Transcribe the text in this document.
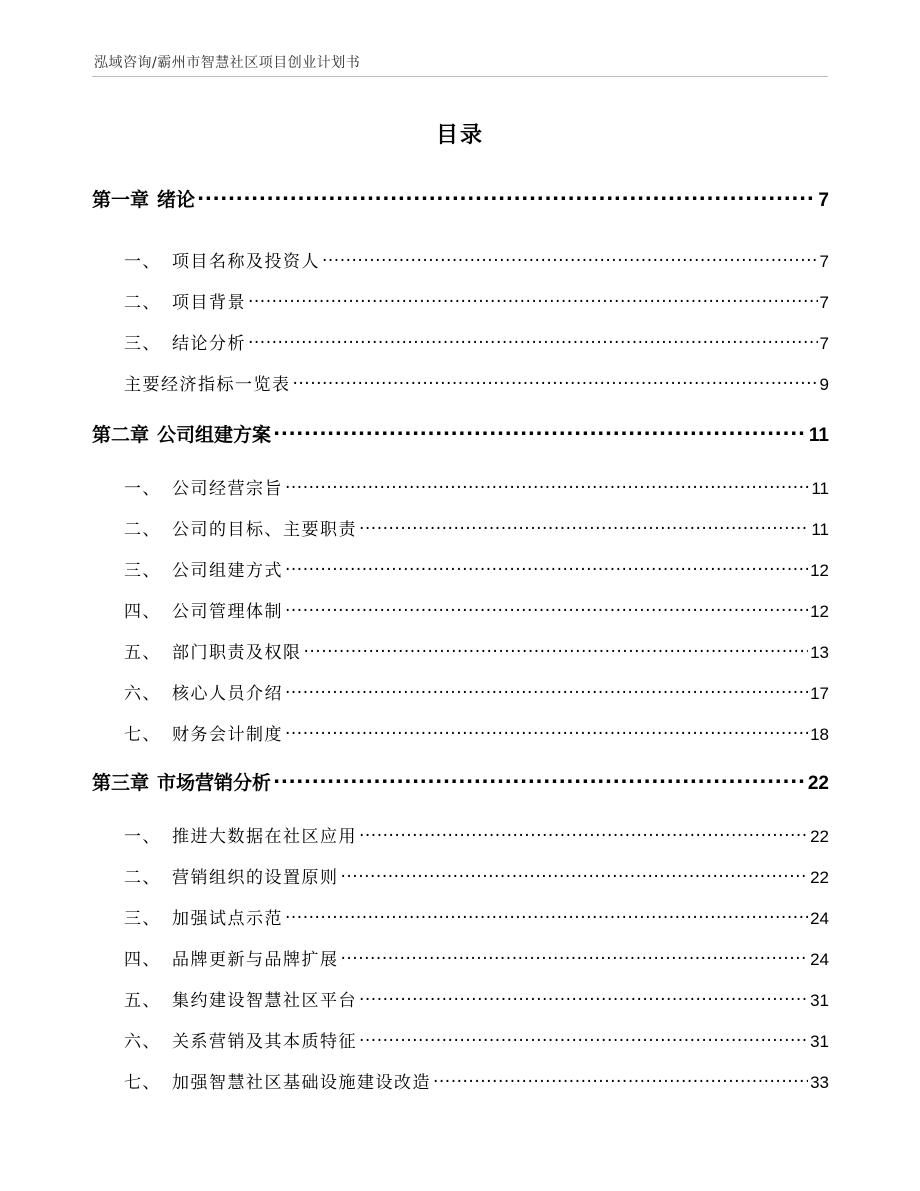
泓域咨询/霸州市智慧社区项目创业计划书
目录
第一章 绪论 .....	7
一、 项目名称及投资人 .....	7
二、 项目背景 .....	7
三、 结论分析 .....	7
主要经济指标一览表 .....	9
第二章 公司组建方案 .....	11
一、 公司经营宗旨 .....	11
二、 公司的目标、主要职责 .....	11
三、 公司组建方式 .....	12
四、 公司管理体制 .....	12
五、 部门职责及权限 .....	13
六、 核心人员介绍 .....	17
七、 财务会计制度 .....	18
第三章 市场营销分析 .....	22
一、 推进大数据在社区应用 .....	22
二、 营销组织的设置原则 .....	22
三、 加强试点示范 .....	24
四、 品牌更新与品牌扩展 .....	24
五、 集约建设智慧社区平台 .....	31
六、 关系营销及其本质特征 .....	31
七、 加强智慧社区基础设施建设改造 .....	33
